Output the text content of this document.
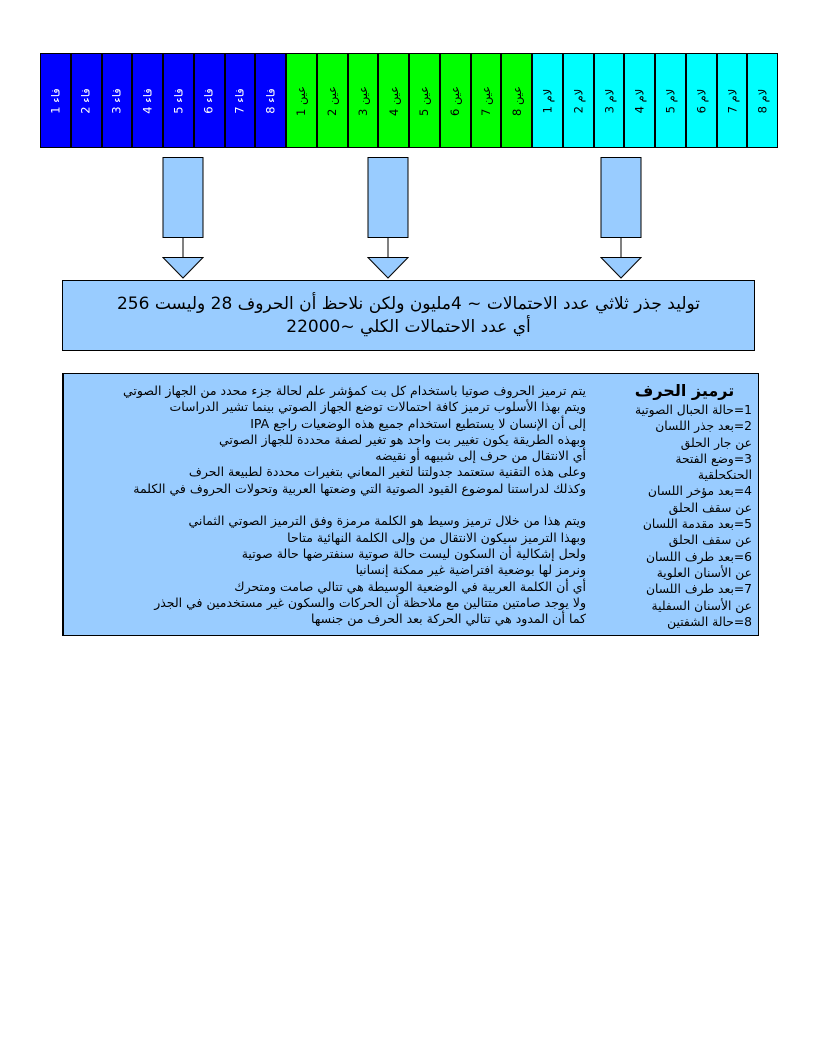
فاء 1
فاء 2
فاء 3
فاء 4
فاء 5
فاء 6
فاء 7
فاء 8
عين 1
عين 2
عين 3
عين 4
عين 5
عين 6
عين 7
عين 8
لام 1
لام 2
لام 3
لام 4
لام 5
لام 6
لام 7
لام 8
توليد جذر ثلاثي عدد الاحتمالات ~ 4مليون ولكن نلاحظ أن الحروف 28 وليست 256
أي عدد الاحتمالات الكلي ~22000
يتم ترميز الحروف صوتيا باستخدام كل بت كمؤشر علم لحالة جزء محدد من الجهاز الصوتي
ويتم بهذا الأسلوب ترميز كافة احتمالات توضع الجهاز الصوتي بينما تشير الدراسات
إلى أن الإنسان لا يستطيع استخدام جميع هذه الوضعيات راجع IPA
وبهذه الطريقة يكون تغيير بت واحد هو تغير لصفة محددة للجهاز الصوتي
أي الانتقال من حرف إلى شبيهه أو نقيضه
وعلى هذه التقنية ستعتمد جدولتنا لتغير المعاني بتغيرات محددة لطبيعة الحرف
وكذلك لدراستنا لموضوع القيود الصوتية التي وضعتها العربية وتحولات الحروف في الكلمة
ويتم هذا من خلال ترميز وسيط هو الكلمة مرمزة وفق الترميز الصوتي الثماني
وبهذا الترميز سيكون الانتقال من وإلى الكلمة النهائية متاحا
ولحل إشكالية أن السكون ليست حالة صوتية سنفترضها حالة صوتية
ونرمز لها بوضعية افتراضية غير ممكنة إنسانيا
أي أن الكلمة العربية في الوضعية الوسيطة هي تتالي صامت ومتحرك
ولا يوجد صامتين متتالين مع ملاحظة أن الحركات والسكون غير مستخدمين في الجذر
كما أن المدود هي تتالي الحركة بعد الحرف من جنسها
ترميز الحرف
1=حالة الحبال الصوتية
2=بعد جذر اللسان
عن جار الحلق
3=وضع الفتحة
الحنكحلقية
4=بعد مؤخر اللسان
عن سقف الحلق
5=بعد مقدمة اللسان
عن سقف الحلق
6=بعد طرف اللسان
عن الأسنان العلوية
7=بعد طرف اللسان
عن الأسنان السفلية
8=حالة الشفتين
